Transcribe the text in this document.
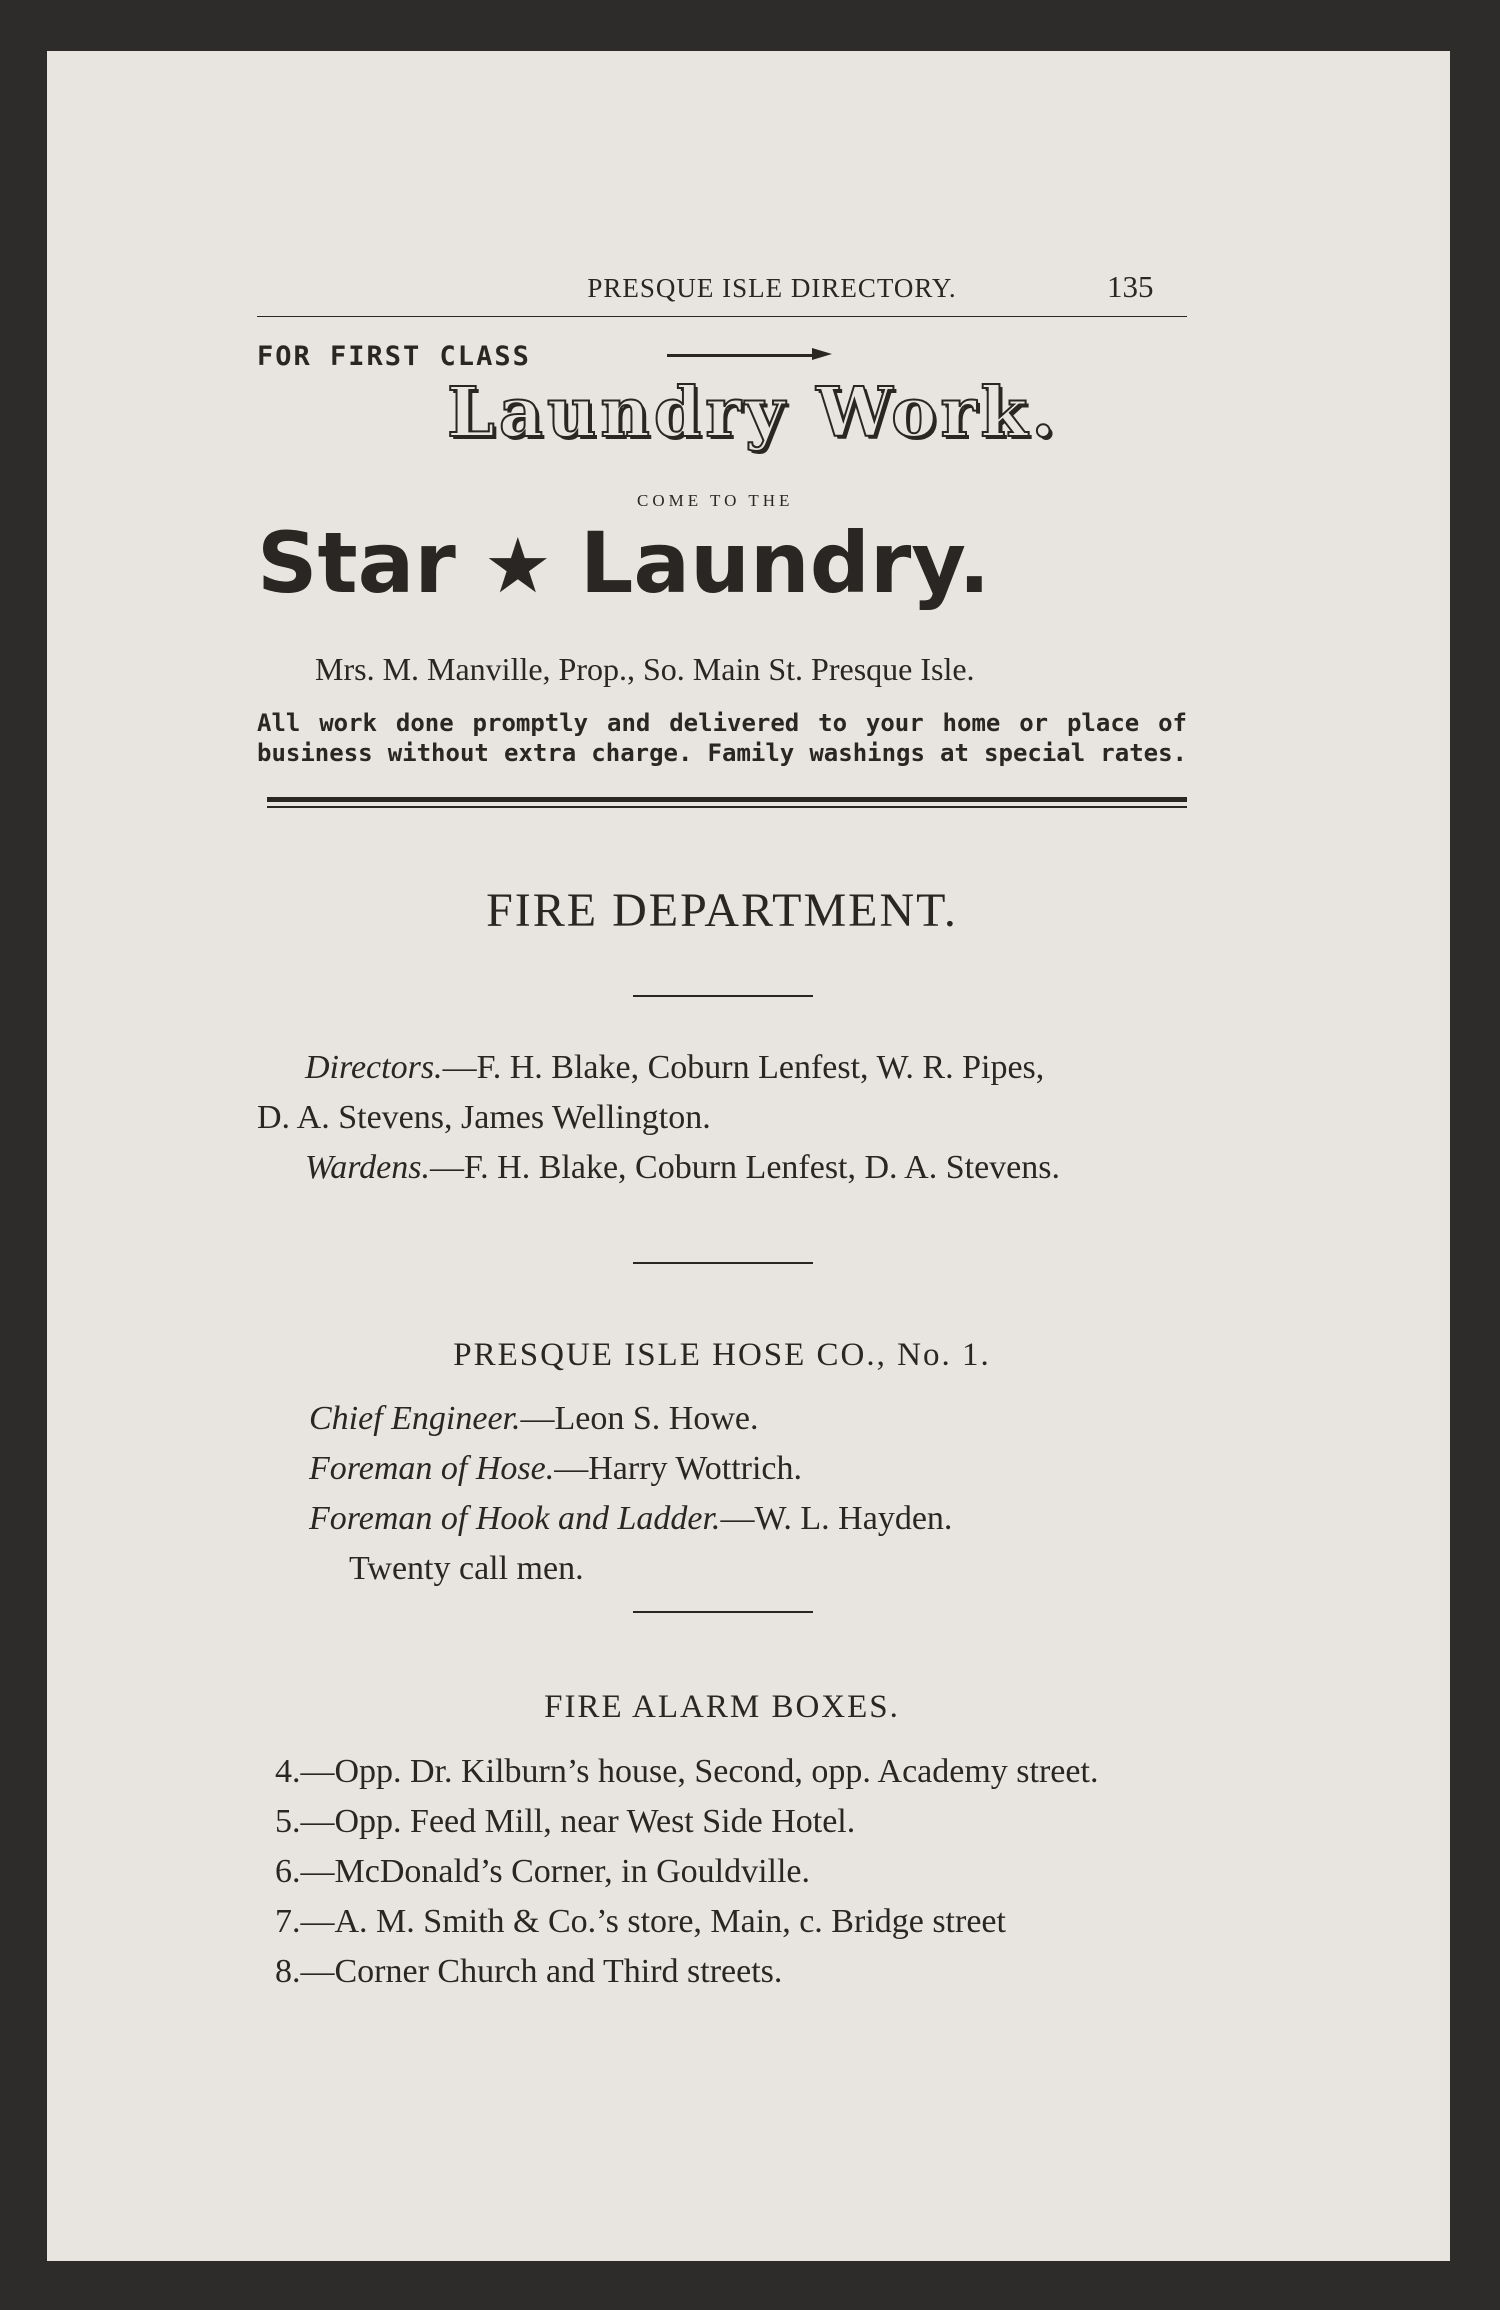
PRESQUE ISLE DIRECTORY.	135
FOR FIRST CLASS
Laundry Work.
COME TO THE
Star ★ Laundry.
Mrs. M. Manville, Prop., So. Main St. Presque Isle.
All work done promptly and delivered to your home or place of
business without extra charge. Family washings at special rates.
FIRE DEPARTMENT.
Directors.—F. H. Blake, Coburn Lenfest, W. R. Pipes,
D. A. Stevens, James Wellington.
Wardens.—F. H. Blake, Coburn Lenfest, D. A. Stevens.
PRESQUE ISLE HOSE CO., No. 1.
Chief Engineer.—Leon S. Howe.
Foreman of Hose.—Harry Wottrich.
Foreman of Hook and Ladder.—W. L. Hayden.
Twenty call men.
FIRE ALARM BOXES.
4.—Opp. Dr. Kilburn’s house, Second, opp. Academy street.
5.—Opp. Feed Mill, near West Side Hotel.
6.—McDonald’s Corner, in Gouldville.
7.—A. M. Smith & Co.’s store, Main, c. Bridge street
8.—Corner Church and Third streets.
